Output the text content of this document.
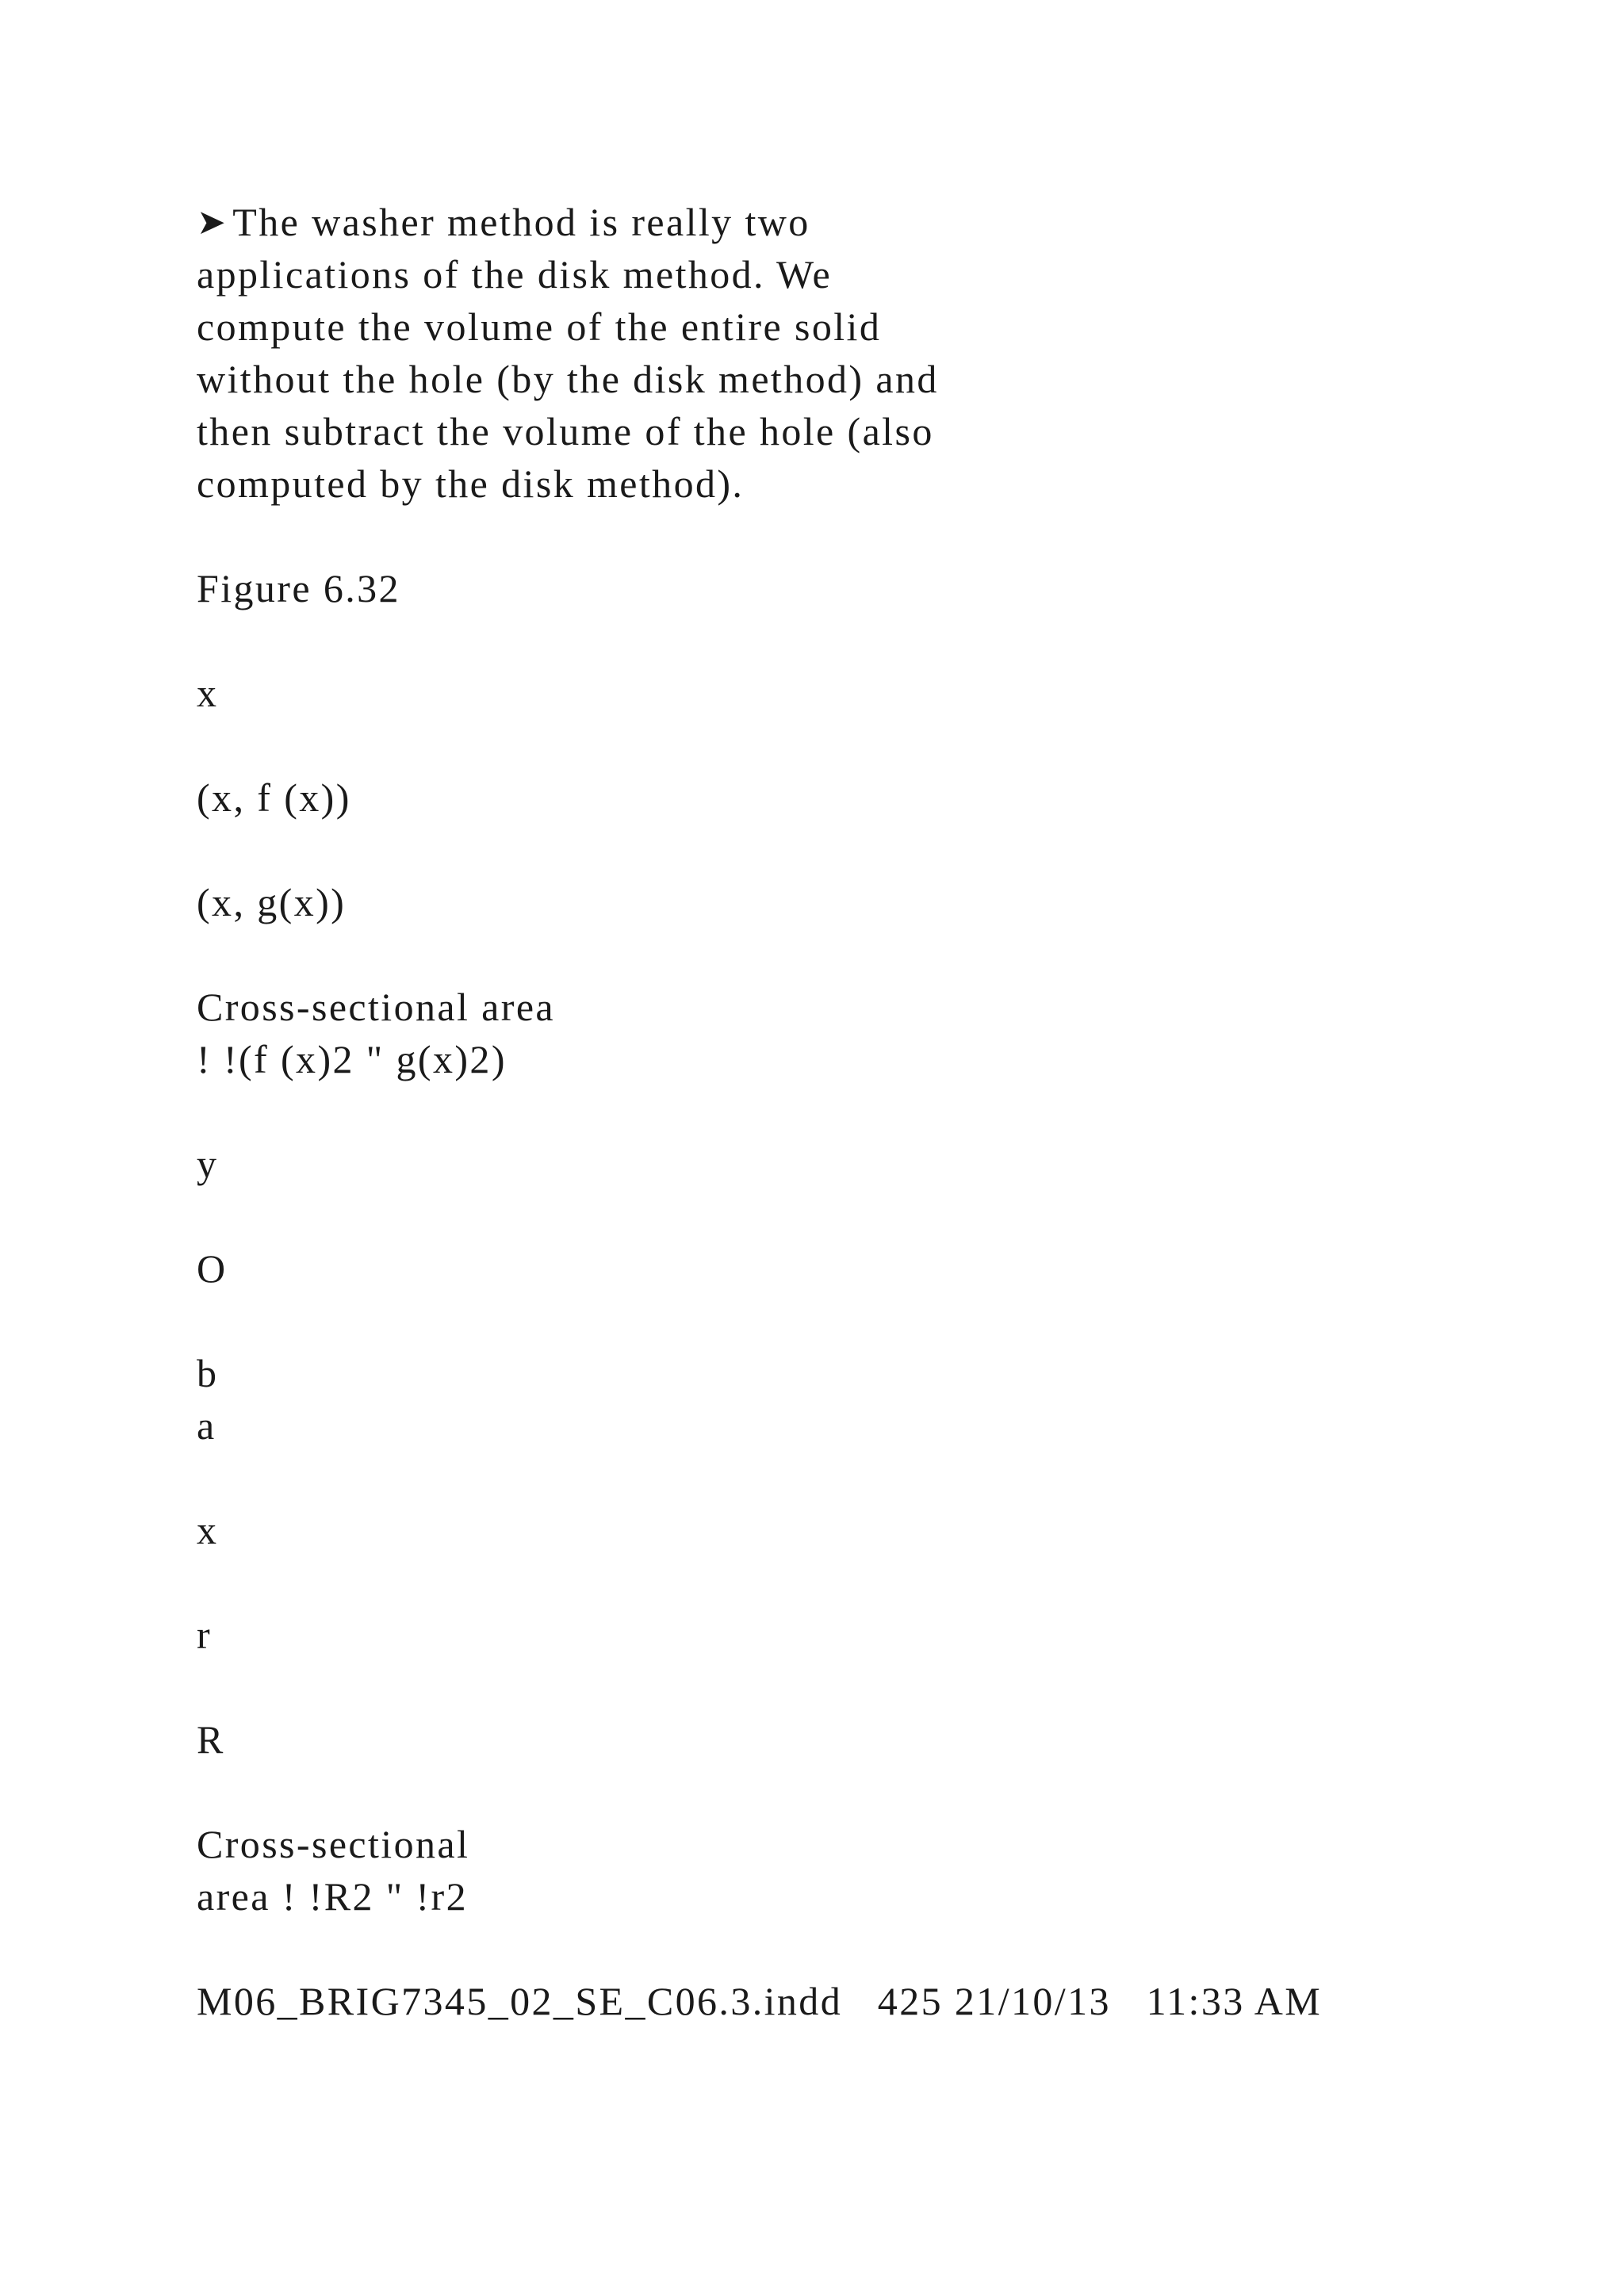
➤ The washer method is really two
applications of the disk method. We
compute the volume of the entire solid
without the hole (by the disk method) and
then subtract the volume of the hole (also
computed by the disk method).
Figure 6.32
x
(x, f (x))
(x, g(x))
Cross-sectional area
! !(f (x)2 " g(x)2)
y
O
b
a
x
r
R
Cross-sectional
area ! !R2 " !r2
M06_BRIG7345_02_SE_C06.3.indd   425 21/10/13   11:33 AM
